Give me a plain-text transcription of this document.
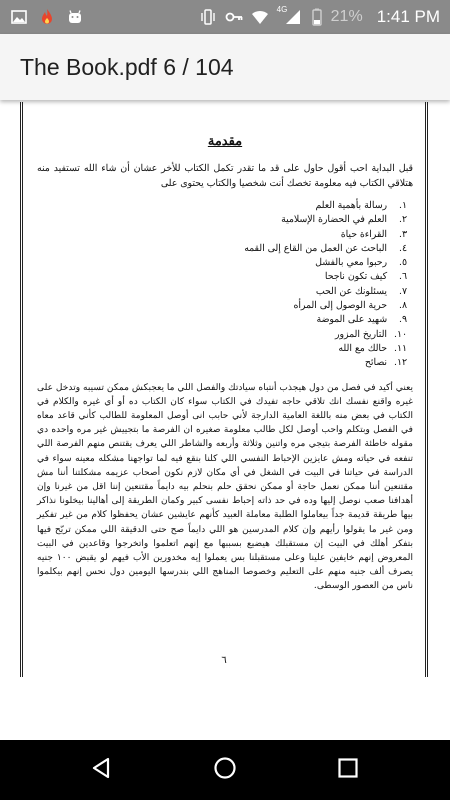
4G	21% 1:41 PM
The Book.pdf 6 / 104
مقدمة

قبل البداية احب أقول حاول على قد ما تقدر تكمل الكتاب للأخر عشان أن شاء الله تستفيد منه هتلاقي الكتاب فيه معلومة تخصك أنت شخصيا والكتاب يحتوى على

١.
رسالة بأهمية العلم
٢.
العلم في الحضارة الإسلامية
٣.
القراءة حياة
٤.
الباحث عن العمل من القاع إلى القمه
٥.
رحبوا معي بالفشل
٦.
كيف تكون ناجحا
٧.
يسئلونك عن الحب
٨.
حرية الوصول إلى المرأه
٩.
شهيد على الموضة
١٠.
التاريخ المزور
١١.
حالك مع الله
١٢.
نصائح

يعني أكيد في فصل من دول هيجذب أنتباه سيادتك والفصل اللي ما يعجبكش ممكن تسيبه وتدخل على غيره واقنع نفسك انك تلاقي حاجه تفيدك في الكتاب سواء كان الكتاب ده أو أي غيره والكلام في الكتاب في بعض منه باللغة العامية الدارجة لأني حابب انى أوصل المعلومة للطالب كأني قاعد معاه في الفصل وبتكلم واحب أوصل لكل طالب معلومة صغيره ان الفرصة ما بتجييش غير مره واحده دي مقوله خاطئة الفرصة بتيجي مره واتنين وثلاثة وأربعه والشاطر اللي يعرف يقتنص منهم الفرصة اللي تنفعه في حياته ومش عايزين الإحباط النفسي اللي كلنا بنقع فيه لما تواجهنا مشكله معينه سواء في الدراسة في حياتنا في البيت في الشغل في أي مكان لازم نكون أصحاب عزيمه مشكلتنا أننا مش مقتنعين أننا ممكن نعمل حاجة أو ممكن نحقق حلم بنحلم بيه دايماً مقتنعين إننا اقل من غيرنا وإن أهدافنا صعب نوصل إليها وده في حد ذاته إحباط نفسى كبير وكمان الطريقة إلى أهالينا بيخلونا نذاكر بيها طريقة قديمة جداً بيعاملوا الطلبة معاملة العبيد كأنهم عايشين عشان يحفظوا كلام من غير تفكير ومن غير ما يقولوا رأيهم وإن كلام المدرسين هو اللي دايماً صح حتى الدقيقة اللي ممكن تريّح فيها بتفكر أهلك في البيت إن مستقبلك هيضيع بسببها مع إنهم اتعلموا واتخرجوا وقاعدين في البيت المعروض إنهم خايفين علينا وعلى مستقبلنا بس يعملوا إيه مخدورين الأب فيهم لو يقبض ١٠٠ جنيه يصرف ألف جنيه منهم على التعليم وخصوصا المناهج اللي بندرسها اليومين دول نحس إنهم بيكلموا ناس من العصور الوسطى.

٦
